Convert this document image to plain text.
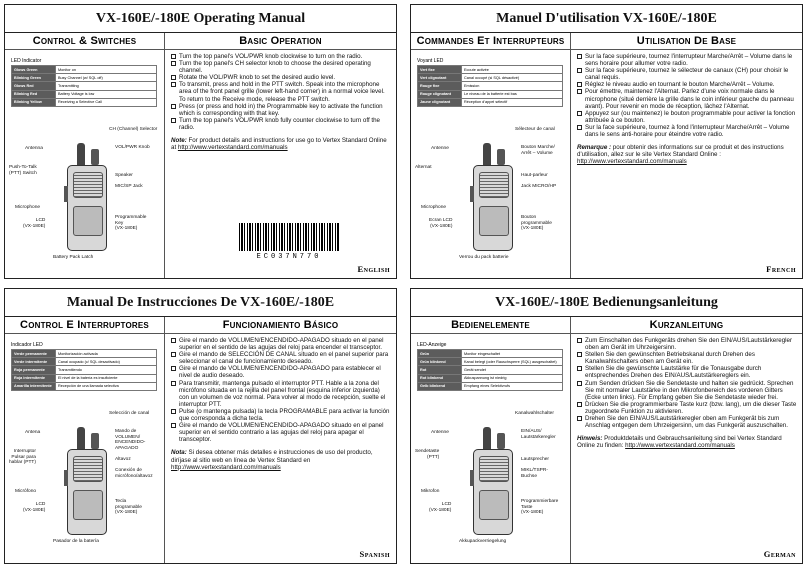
VX-160E/-180E Operating Manual
Control & Switches
LED Indicator
Glows Green	Monitor on
Blinking Green	Busy Channel (w/ SQL off)
Glows Red	Transmitting
Blinking Red	Battery Voltage is low
Blinking Yellow	Receiving a Selective Call
CH (Channel) Selector
Antenna	VOL/PWR Knob
Push-To-Talk
(PTT) Switch	Speaker
MIC/SP Jack
Microphone
LCD
(VX-180E)
Programmable
Key
(VX-180E)
Battery Pack Latch
Basic Operation
Turn the top panel's VOL/PWR knob clockwise to turn on the radio.
Turn the top panel's CH selector knob to choose the desired operating channel.
Rotate the VOL/PWR knob to set the desired audio level.
To transmit, press and hold in the PTT switch. Speak into the microphone area of the front panel grille (lower left-hand corner) in a normal voice level. To return to the Receive mode, release the PTT switch.
Press (or press and hold in) the Programmable key to activate the function which is corresponding with that key.
Turn the top panel's VOL/PWR knob fully counter clockwise to turn off the radio.
Note: For product details and instructions for use go to Vertex Standard Online at http://www.vertexstandard.com/manuals
EC037N770
English
Manuel D'utilisation VX-160E/-180E
Commandes Et Interrupteurs
Voyant LED
Vert fixe	Ecoute activée
Vert clignotant	Canal occupé (si SQL désactivé)
Rouge fixe	Emission
Rouge clignotant	Le niveau de la batterie est bas
Jaune clignotant	Réception d'appel sélectif
Sélecteur de canal
Antenne	Bouton Marche/
Arrêt – Volume
Alternat
Haut-parleur
Jack MICRO/HP
Microphone
Ecran LCD
(VX-180E)
Bouton
programmable
(VX-180E)
Verrou du pack batterie
Utilisation De Base
Sur la face supérieure, tournez l'interrupteur Marche/Arrêt – Volume dans le sens horaire pour allumer votre radio.
Sur la face supérieure, tournez le sélecteur de canaux (CH) pour choisir le canal requis.
Réglez le niveau audio en tournant le bouton Marche/Arrêt – Volume.
Pour émettre, maintenez l'Alternat. Parlez d'une voix normale dans le microphone (situé derrière la grille dans le coin inférieur gauche du panneau avant). Pour revenir en mode de réception, lâchez l'Alternat.
Appuyez sur (ou maintenez) le bouton programmable pour activer la fonction attribuée à ce bouton.
Sur la face supérieure, tournez à fond l'interrupteur Marche/Arrêt – Volume dans le sens anti-horaire pour éteindre votre radio.
Remarque : pour obtenir des informations sur ce produit et des instructions d'utilisation, allez sur le site Vertex Standard Online : http://www.vertexstandard.com/manuals
French
Manual De Instrucciones De VX-160E/-180E
Control E Interruptores
Indicador LED
Verde permanente	Monitorización activada
Verde intermitente	Canal ocupado (c/ SQL desactivado)
Roja permanente	Transmitiendo
Roja intermitente	El nivel de la batería es insuficiente
Amarilla intermitente	Recepción de una llamada selectiva
Selección de canal
Antena	Mando de
VOLUMEN/
ENCENDIDO-
APAGADO
Interruptor
Pulsar para
hablar (PTT)
Altavoz
Conexión de
micrófono/altavoz
Micrófono
LCD
(VX-180E)
Tecla
programable
(VX-180E)
Pasador de la batería
Funcionamiento Básico
Gire el mando de VOLUMEN/ENCENDIDO-APAGADO situado en el panel superior en el sentido de las agujas del reloj para encender el transceptor.
Gire el mando de SELECCIÓN DE CANAL situado en el panel superior para seleccionar el canal de funcionamiento deseado.
Gire el mando de VOLUMEN/ENCENDIDO-APAGADO para establecer el nivel de audio deseado.
Para transmitir, mantenga pulsado el interruptor PTT. Hable a la zona del micrófono situada en la rejilla del panel frontal (esquina inferior izquierda) con un volumen de voz normal. Para volver al modo de recepción, suelte el interruptor PTT.
Pulse (o mantenga pulsada) la tecla PROGRAMABLE para activar la función que corresponda a dicha tecla.
Gire el mando de VOLUMEN/ENCENDIDO-APAGADO situado en el panel superior en el sentido contrario a las agujas del reloj para apagar el transceptor.
Nota: Si desea obtener más detalles e instrucciones de uso del producto, diríjase al sitio web en línea de Vertex Standard en http://www.vertexstandard.com/manuals
Spanish
VX-160E/-180E Bedienungsanleitung
Bedienelemente
LED-Anzeige
Grün	Monitor eingeschaltet
Grün blinkend	Kanal belegt (oder Rauschsperre (SQL) ausgeschaltet)
Rot	Gerät sendet
Rot blinkend	Akkuspannung ist niedrig
Gelb blinkend	Empfang eines Selektivrufs
Kanalwahlschalter
Antenne	EIN/AUS/
Lautstärkeregler
Sendetaste
(PTT)	Lautsprecher
MIKL/TSPR-
Buchse
Mikrofon
LCD
(VX-180E)
Programmierbare
Taste
(VX-180E)
Akkupackverriegelung
Kurzanleitung
Zum Einschalten des Funkgeräts drehen Sie den EIN/AUS/Lautstärkeregler oben am Gerät im Uhrzeigersinn.
Stellen Sie den gewünschten Betriebskanal durch Drehen des Kanalwahlschalters oben am Gerät ein.
Stellen Sie die gewünschte Lautstärke für die Tonausgabe durch entsprechendes Drehen des EIN/AUS/Lautstärkereglers ein.
Zum Senden drücken Sie die Sendetaste und halten sie gedrückt. Sprechen Sie mit normaler Lautstärke in den Mikrofonbereich des vorderen Gitters (Ecke unten links). Für Empfang geben Sie die Sendetaste wieder frei.
Drücken Sie die programmierbare Taste kurz (bzw. lang), um die dieser Taste zugeordnete Funktion zu aktivieren.
Drehen Sie den EIN/AUS/Lautstärkeregler oben am Funkgerät bis zum Anschlag entgegen dem Uhrzeigersinn, um das Funkgerät auszuschalten.
Hinweis: Produktdetails und Gebrauchsanleitung sind bei Vertex Standard Online zu finden: http://www.vertexstandard.com/manuals
German
